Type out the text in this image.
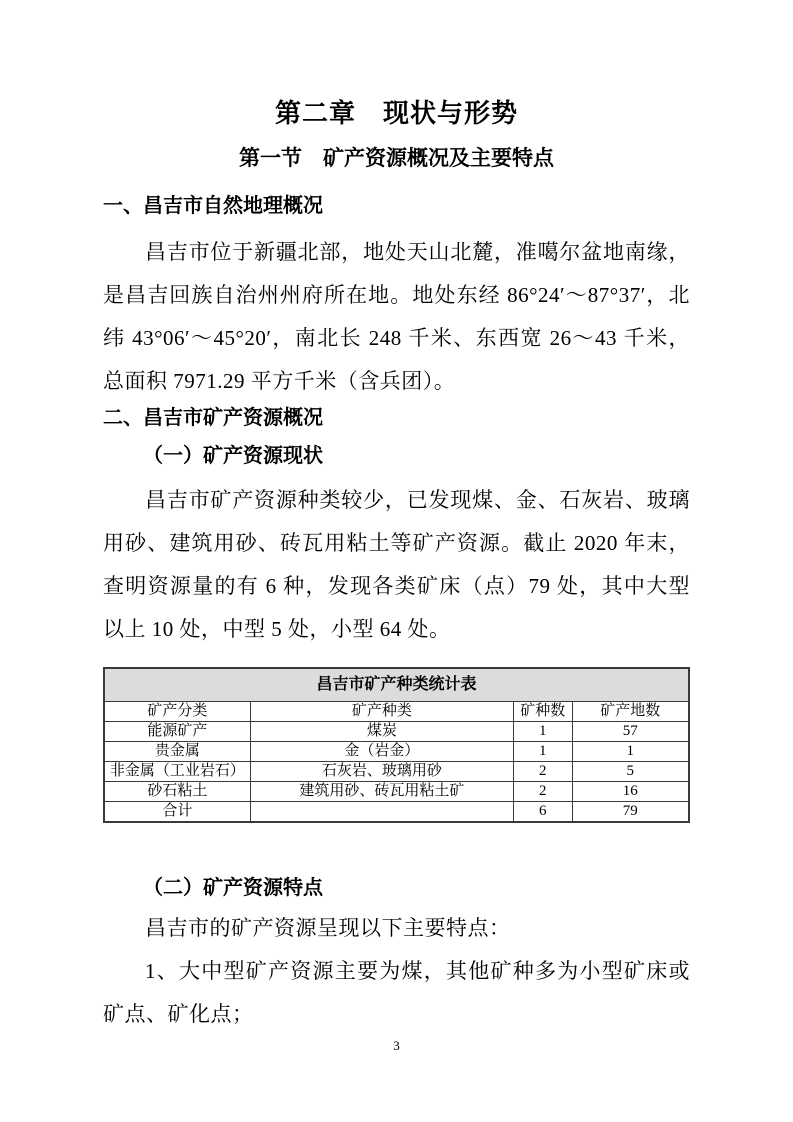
第二章　现状与形势
第一节　矿产资源概况及主要特点
一、昌吉市自然地理概况

昌吉市位于新疆北部，地处天山北麓，准噶尔盆地南缘，是昌吉回族自治州州府所在地。地处东经 86°24′～87°37′，北纬 43°06′～45°20′，南北长 248 千米、东西宽 26～43 千米，总面积 7971.29 平方千米（含兵团）。

二、昌吉市矿产资源概况
（一）矿产资源现状

昌吉市矿产资源种类较少，已发现煤、金、石灰岩、玻璃用砂、建筑用砂、砖瓦用粘土等矿产资源。截止 2020 年末，查明资源量的有 6 种，发现各类矿床（点）79 处，其中大型以上 10 处，中型 5 处，小型 64 处。

昌吉市矿产种类统计表			
矿产分类	矿产种类	矿种数	矿产地数
能源矿产	煤炭	1	57
贵金属	金（岩金）	1	1
非金属（工业岩石）	石灰岩、玻璃用砂	2	5
砂石粘土	建筑用砂、砖瓦用粘土矿	2	16
合计		6	79
（二）矿产资源特点

昌吉市的矿产资源呈现以下主要特点：

1、大中型矿产资源主要为煤，其他矿种多为小型矿床或矿点、矿化点；

3
